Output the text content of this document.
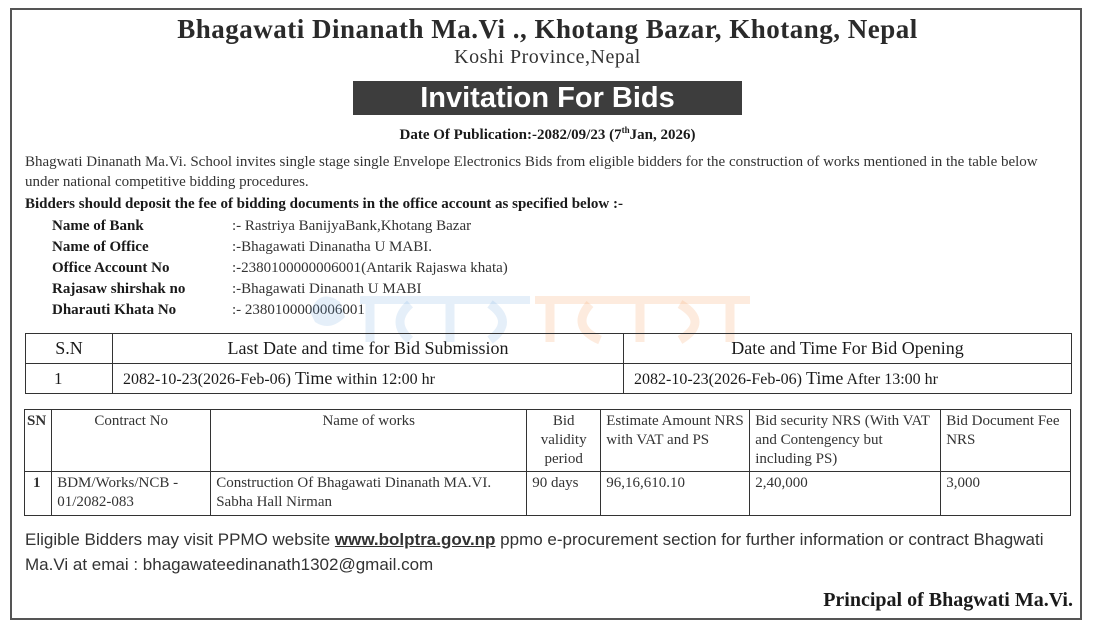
Bhagawati Dinanath Ma.Vi ., Khotang Bazar, Khotang, Nepal
Koshi Province,Nepal
Invitation For Bids
Date Of Publication:-2082/09/23 (7thJan, 2026)
Bhagwati Dinanath Ma.Vi. School invites single stage single Envelope Electronics Bids from eligible bidders for the construction of works mentioned in the table below under national competitive bidding procedures.
Bidders should deposit the fee of bidding documents in the office account as specified below :-
Name of Bank	:- Rastriya BanijyaBank,Khotang Bazar
Name of Office	:-Bhagawati Dinanatha U MABI.
Office Account No	:-2380100000006001(Antarik Rajaswa khata)
Rajasaw shirshak no	:-Bhagawati Dinanath U MABI
Dharauti Khata No	:- 2380100000006001
S.N	Last Date and time for Bid Submission	Date and Time For Bid Opening
1	2082-10-23(2026-Feb-06) Time within 12:00 hr	2082-10-23(2026-Feb-06) Time After 13:00 hr
SN	Contract No	Name of works	Bid validity period	Estimate Amount NRS with VAT and PS	Bid security NRS (With VAT and Contengency but including PS)	Bid Document Fee NRS
1	BDM/Works/NCB - 01/2082-083	Construction Of Bhagawati Dinanath MA.VI. Sabha Hall Nirman	90 days	96,16,610.10	2,40,000	3,000
Eligible Bidders may visit PPMO website www.bolptra.gov.np ppmo e-procurement section for further information or contract Bhagwati Ma.Vi at emai : bhagawateedinanath1302@gmail.com
Principal of Bhagwati Ma.Vi.
